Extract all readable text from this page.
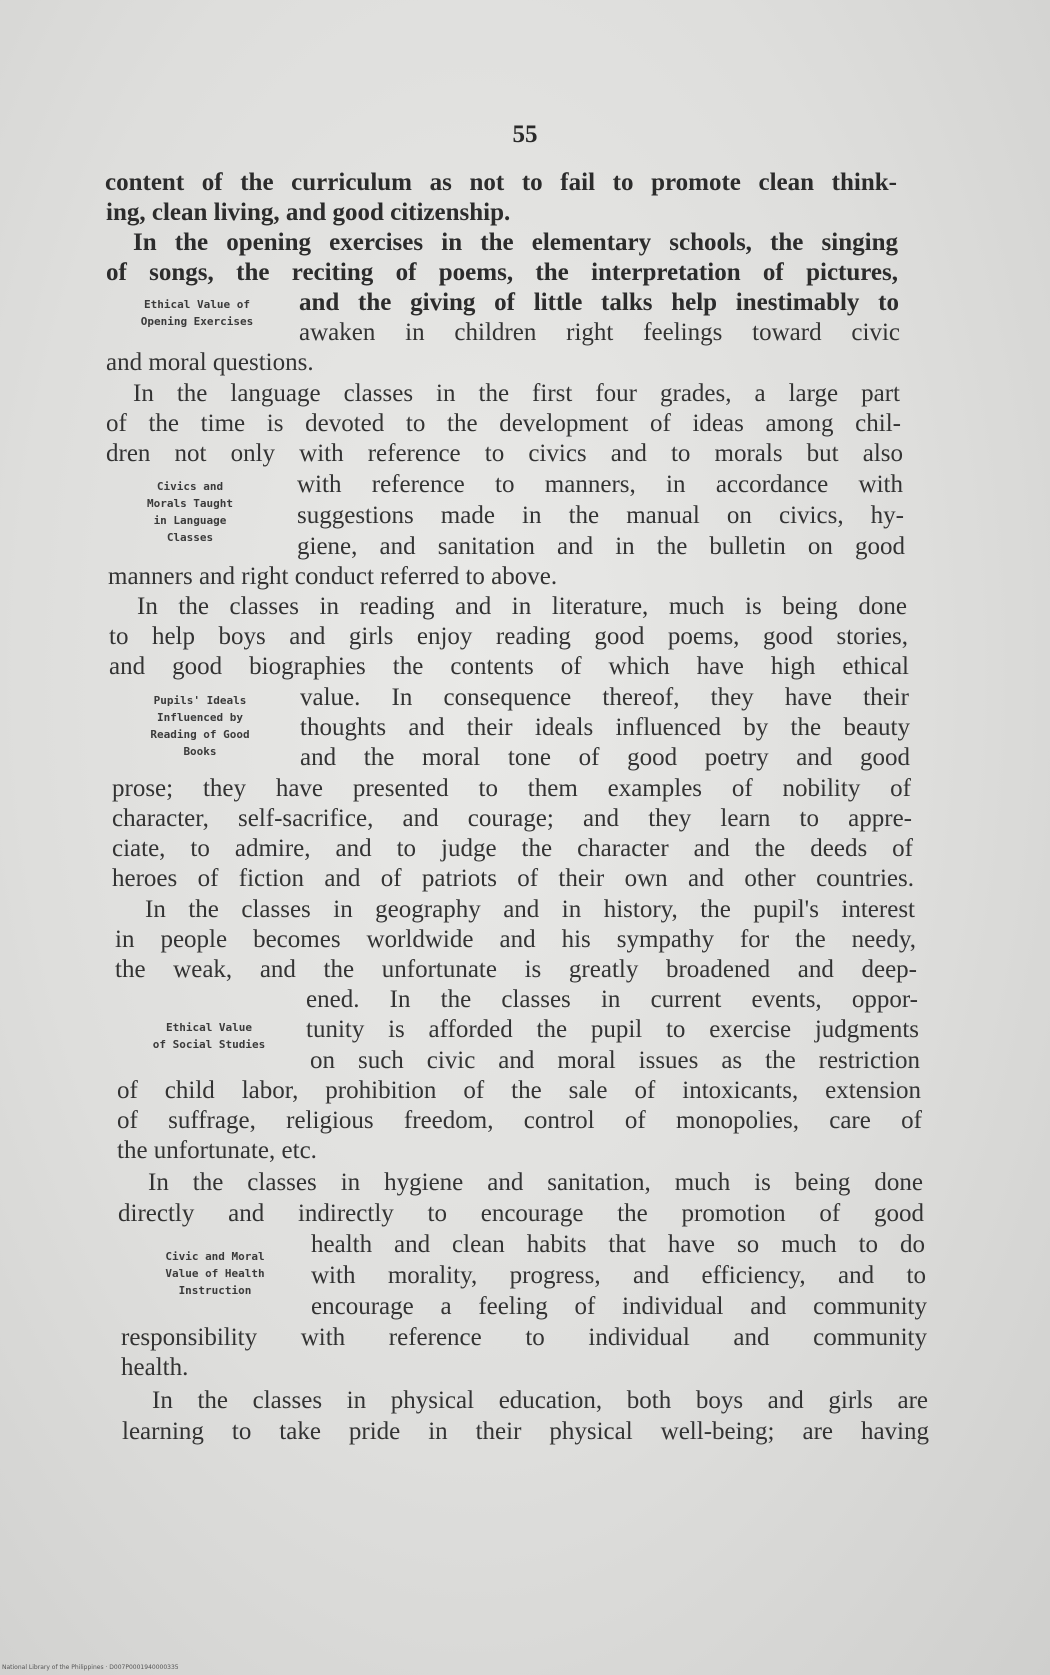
55
content of the curriculum as not to fail to promote clean think-
ing, clean living, and good citizenship.
In the opening exercises in the elementary schools, the singing
of songs, the reciting of poems, the interpretation of pictures,
and the giving of little talks help inestimably to
awaken in children right feelings toward civic
and moral questions.
Ethical Value of
Opening Exercises
In the language classes in the first four grades, a large part
of the time is devoted to the development of ideas among chil-
dren not only with reference to civics and to morals but also
with reference to manners, in accordance with
suggestions made in the manual on civics, hy-
giene, and sanitation and in the bulletin on good
manners and right conduct referred to above.
Civics and
Morals Taught
in Language
Classes
In the classes in reading and in literature, much is being done
to help boys and girls enjoy reading good poems, good stories,
and good biographies the contents of which have high ethical
value. In consequence thereof, they have their
thoughts and their ideals influenced by the beauty
and the moral tone of good poetry and good
prose; they have presented to them examples of nobility of
character, self-sacrifice, and courage; and they learn to appre-
ciate, to admire, and to judge the character and the deeds of
heroes of fiction and of patriots of their own and other countries.
Pupils' Ideals
Influenced by
Reading of Good
Books
In the classes in geography and in history, the pupil's interest
in people becomes worldwide and his sympathy for the needy,
the weak, and the unfortunate is greatly broadened and deep-
ened. In the classes in current events, oppor-
tunity is afforded the pupil to exercise judgments
on such civic and moral issues as the restriction
of child labor, prohibition of the sale of intoxicants, extension
of suffrage, religious freedom, control of monopolies, care of
the unfortunate, etc.
Ethical Value
of Social Studies
In the classes in hygiene and sanitation, much is being done
directly and indirectly to encourage the promotion of good
health and clean habits that have so much to do
with morality, progress, and efficiency, and to
encourage a feeling of individual and community
responsibility with reference to individual and community
health.
Civic and Moral
Value of Health
Instruction
In the classes in physical education, both boys and girls are
learning to take pride in their physical well-being; are having
National Library of the Philippines · D007P0001940000335
